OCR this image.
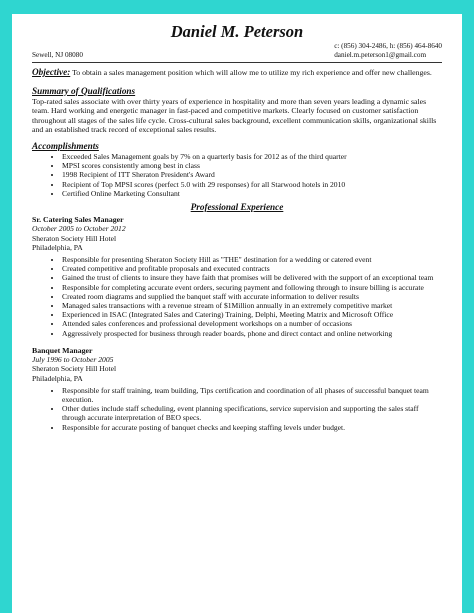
Daniel M. Peterson
Sewell, NJ 08080
c: (856) 304-2486, h: (856) 464-8640
daniel.m.peterson1@gmail.com
Objective: To obtain a sales management position which will allow me to utilize my rich experience and offer new challenges.
Summary of Qualifications
Top-rated sales associate with over thirty years of experience in hospitality and more than seven years leading a dynamic sales team. Hard working and energetic manager in fast-paced and competitive markets. Clearly focused on customer satisfaction throughout all stages of the sales life cycle. Cross-cultural sales background, excellent communication skills, organizational skills and an established track record of exceptional sales results.
Accomplishments
• Exceeded Sales Management goals by 7% on a quarterly basis for 2012 as of the third quarter
• MPSI scores consistently among best in class
• 1998 Recipient of ITT Sheraton President's Award
• Recipient of Top MPSI scores (perfect 5.0 with 29 responses) for all Starwood hotels in 2010
• Certified Online Marketing Consultant
Professional Experience
Sr. Catering Sales Manager
October 2005 to October 2012
Sheraton Society Hill Hotel
Philadelphia, PA
• Responsible for presenting Sheraton Society Hill as "THE" destination for a wedding or catered event
• Created competitive and profitable proposals and executed contracts
• Gained the trust of clients to insure they have faith that promises will be delivered with the support of an exceptional team
• Responsible for completing accurate event orders, securing payment and following through to insure billing is accurate
• Created room diagrams and supplied the banquet staff with accurate information to deliver results
• Managed sales transactions with a revenue stream of $1Million annually in an extremely competitive market
• Experienced in ISAC (Integrated Sales and Catering) Training, Delphi, Meeting Matrix and Microsoft Office
• Attended sales conferences and professional development workshops on a number of occasions
• Aggressively prospected for business through reader boards, phone and direct contact and online networking
Banquet Manager
July 1996 to October 2005
Sheraton Society Hill Hotel
Philadelphia, PA
• Responsible for staff training, team building, Tips certification and coordination of all phases of successful banquet team execution.
• Other duties include staff scheduling, event planning specifications, service supervision and supporting the sales staff through accurate interpretation of BEO specs.
• Responsible for accurate posting of banquet checks and keeping staffing levels under budget.
